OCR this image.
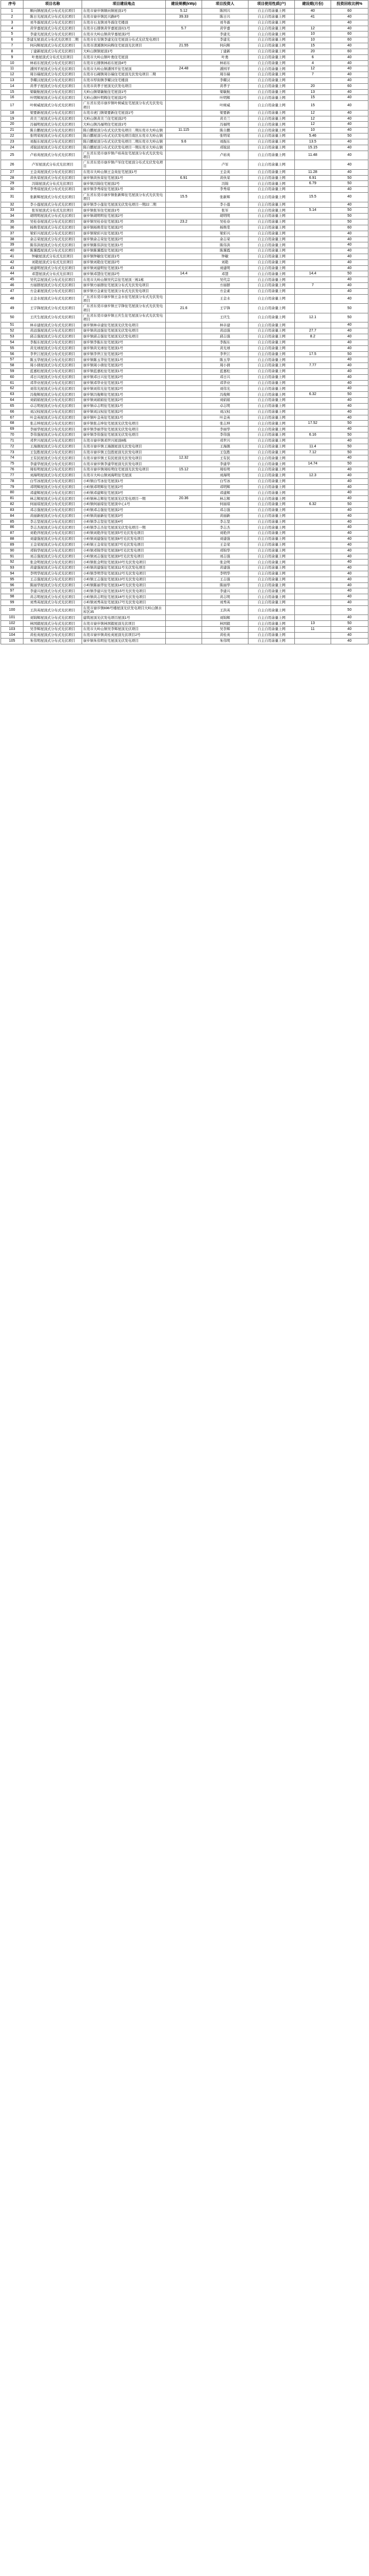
序号	项目名称	项目建设地点	建设规模(kWp)	项目投资人	项目使用性质(户)	建设期(月份)	投资回收比例%
1	顺向镇屋顶式分布式光伏项目	东莞市寮步镇顺向镇屋顶1号	5.12	陈国兴	自主自用余量上网	40	60
2	陈日光屋顶式分布式光伏项目	东莞市寮步镇民兴路8号	39.33	陈日兴	自主自用余量上网	41	40
3	刘冬霖屋顶式分布式光伏项目	东莞市石龙镇刘冬霖住宅楼顶		刘冬霖	自主自用余量上网		40
4	黄学嘉屋顶式分布式光伏项目	东莞市石排镇黄学嘉屋顶村1号	5.7	黄学嘉	自主自用余量上网	12	40
5	李建光屋顶式分布式光伏项目	东莞市大岭山镇黄学嘉屋顶2号		李建光	自主自用余量上网	10	60
6	李建光屋顶式分布式光伏项目二期	东莞市长安镇李建光住宅屋顶分布式光伏发电项目		李建光	自主自用余量上网	10	60
7	何向辉屋顶式分布式光伏项目	东莞市清溪镇何向辉住宅屋顶光伏项目	21.55	何向辉	自主自用余量上网	15	40
8	丁建新屋顶式分布式光伏项目	大岭山镇镇屋顶1号		丁建新	自主自用余量上网	20	60
9	叶勇屋顶式分布式光伏项目	东莞市大岭山镇叶勇住宅屋顶		叶勇	自主自用余量上网	6	40
10	林裕东屋顶式分布式光伏项目	东莞市石排镇林裕东屋顶4号		林裕东	自主自用余量上网	4	40
11	潘国平屋顶式分布式光伏项目	东莞市大岭山镇潘国平住宅屋顶	24.48	潘国平	自主自用余量上网	12	40
12	周谷瑞屋顶式分布式光伏项目	东莞市石碣镇周谷瑞住宅屋顶光伏发电项目二期		周谷瑞	自主自用余量上网	7	40
13	李耀汉屋顶式分布式光伏项目	东莞市厚街镇李耀汉住宅楼顶		李耀汉	自主自用余量上网		40
14	黄孝子屋顶式分布式光伏项目	东莞市黄孝子屋顶光伏发电项目		黄孝子	自主自用余量上网	20	60
15	梁敏航屋顶式分布式光伏项目	大岭山镇梁敏航住宅屋顶1号		梁敏航	自主自用余量上网	13	40
16	叶明辉屋顶式分布式光伏项目	大岭山镇叶明辉住宅屋顶2号		叶明辉	自主自用余量上网	15	40
17	叶树威屋顶式分布式光伏项目	广东省东莞市寮步镇叶树威住宅屋顶分布式光伏发电项目		叶树威	自主自用余量上网	15	40
18	梁要新屋顶式分布式光伏项目	东莞市虎门镇梁要新住宅屋顶1号		梁要新	自主自用余量上网	12	40
19	黄美兰屋顶式分布式光伏项目	大岭山镇黄美兰住宅屋顶2号		黄美兰	自主自用余量上网	12	40
20	冯福明屋顶式分布式光伏项目	大岭山镇冯福明住宅屋顶1号		冯福明	自主自用余量上网	12	40
21	陈自鹏屋顶式分布式光伏项目	陈自鹏屋顶分布式光伏发电项目二期东莞市大岭山镇	11.115	陈自鹏	自主自用余量上网	10	40
22	张明荣屋顶式分布式光伏项目	陈自鹏屋顶分布式光伏发电项目南区东莞市大岭山镇		张明荣	自主自用余量上网	5.46	50
23	刘振东屋顶式分布式光伏项目	陈自鹏屋顶分布式光伏发电项目二期东莞市大岭山镇	9.6	刘振东	自主自用余量上网	13.5	40
24	邓锐波屋顶式分布式光伏项目	陈自鹏屋顶分布式光伏发电项目一期东莞市大岭山镇		邓锐波	自主自用余量上网	15.15	40
25	卢裕英屋顶式分布式光伏项目	广东省东莞市寮步镇卢裕英住宅屋顶分布式光伏发电项目		卢裕英	自主自用余量上网	11.48	40
26	卢军屋顶式分布式光伏项目	广东省东莞市寮步镇卢军住宅屋顶分布式光伏发电项目		卢军	自主自用余量上网		40
27	王金英屋顶式分布式光伏项目	东莞市大岭山镇王金英住宅屋顶1号		王金英	自主自用余量上网	11.28	40
28	黄伙荣屋顶式分布式光伏项目	寮步镇黄伙荣住宅屋顶1号	6.91	黄伙荣	自主自用余量上网	6.91	50
29	冯锦屋顶式分布式光伏项目	寮步镇冯锦住宅屋顶2号		冯锦	自主自用余量上网	6.79	50
30	李秀琼屋顶式分布式光伏项目	寮步镇李秀琼住宅屋顶1号		李秀琼	自主自用余量上网		40
31	张新辉屋顶式分布式光伏项目	广东省东莞市寮步镇张新辉住宅屋顶分布式光伏发电项目	15.5	张新辉	自主自用余量上网	15.5	40
32	李小莲屋顶式分布式光伏项目	寮步镇李小莲住宅屋顶光伏发电项目一期22二期		李小莲	自主自用余量上网		40
33	张军屋顶式分布式光伏项目	寮步镇张军住宅屋顶1号		张军	自主自用余量上网	5.14	50
34	胡明明屋顶式分布式光伏项目	寮步镇胡明明住宅屋顶2号		胡明明	自主自用余量上网		50
35	吴桂春屋顶式分布式光伏项目	寮步镇吴桂春住宅屋顶1号	23.2	吴桂春	自主自用余量上网		50
36	杨焕棠屋顶式分布式光伏项目	寮步镇杨焕棠住宅屋顶2号		杨焕棠	自主自用余量上网		60
37	梁彩兴屋顶式分布式光伏项目	寮步镇梁彩兴住宅屋顶1号		梁彩兴	自主自用余量上网		40
38	余志荣屋顶式分布式光伏项目	寮步镇余志荣住宅屋顶2号		余志荣	自主自用余量上网		40
39	陈伟洪屋顶式分布式光伏项目	寮步镇陈伟洪住宅屋顶1号		陈伟洪	自主自用余量上网		40
40	陈霭霞屋顶式分布式光伏项目	寮步镇陈霭霞住宅屋顶2号		陈霭霞	自主自用余量上网		40
41	钟敏屋顶式分布式光伏项目	寮步镇钟敏住宅屋顶1号		钟敏	自主自用余量上网		40
42	刘艳屋顶式分布式光伏项目	寮步镇刘艳住宅屋顶2号		刘艳	自主自用余量上网		40
43	刘建明屋顶式分布式光伏项目	寮步镇刘建明住宅屋顶1号		刘建明	自主自用余量上网		40
44	邓慧屋顶式分布式光伏项目	寮步镇邓慧住宅屋顶2号	14.4	邓慧	自主自用余量上网	14.4	50
45	吴代宗屋顶式分布式光伏项目	东莞市大岭山镇吴代宗住宅屋顶三栋1栋		吴代宗	自主自用余量上网		40
46	方丽群屋顶式分布式光伏项目	寮步镇方丽群住宅屋顶分布式光伏发电项目		方丽群	自主自用余量上网	7	40
47	方金素屋顶式分布式光伏项目	寮步镇方金素住宅屋顶分布式光伏发电项目		方金素	自主自用余量上网		40
48	王金水屋顶式分布式光伏项目	广东省东莞市寮步镇王金水住宅屋顶分布式光伏发电项目		王金水	自主自用余量上网		40
49	王宇锋屋顶式分布式光伏项目	广东省东莞市寮步镇王宇锋住宅屋顶分布式光伏发电项目	21.6	王宇锋	自主自用余量上网		50
50	王庆生屋顶式分布式光伏项目	广东省东莞市寮步镇王庆生住宅屋顶分布式光伏发电项目		王庆生	自主自用余量上网	12.1	50
51	林卓建屋顶式分布式光伏项目	寮步镇林卓建住宅屋顶光伏发电项目		林卓建	自主自用余量上网		40
52	黄远强屋顶式分布式光伏项目	寮步镇黄远强住宅屋顶光伏发电项目		黄远强	自主自用余量上网	27.7	40
53	邱志强屋顶式分布式光伏项目	寮步镇邱志强住宅屋顶光伏发电项目		邱志强	自主自用余量上网	8.2	40
54	李振东屋顶式分布式光伏项目	寮步镇李振东住宅屋顶2号		李振东	自主自用余量上网		40
55	黄光球屋顶式分布式光伏项目	寮步镇黄光球住宅屋顶1号		黄光球	自主自用余量上网		40
56	李世江屋顶式分布式光伏项目	寮步镇李世江住宅屋顶2号		李世江	自主自用余量上网	17.5	50
57	陈玉华屋顶式分布式光伏项目	寮步镇陈玉华住宅屋顶1号		陈玉华	自主自用余量上网		40
58	周小倩屋顶式分布式光伏项目	寮步镇周小倩住宅屋顶2号		周小倩	自主自用余量上网	7.77	40
59	蓝嘉松屋顶式分布式光伏项目	寮步镇蓝嘉松住宅屋顶1号		蓝嘉松	自主自用余量上网		40
60	邓日兴屋顶式分布式光伏项目	寮步镇邓日兴住宅屋顶2号		邓日兴	自主自用余量上网		40
61	邓华业屋顶式分布式光伏项目	寮步镇邓华业住宅屋顶1号		邓华业	自主自用余量上网		40
62	刘伟光屋顶式分布式光伏项目	寮步镇刘伟光住宅屋顶2号		刘伟光	自主自用余量上网		40
63	冯俊辉屋顶式分布式光伏项目	寮步镇冯俊辉住宅屋顶1号		冯俊辉	自主自用余量上网	6.32	50
64	刘娟娟屋顶式分布式光伏项目	寮步镇刘娟娟住宅屋顶2号		刘娟娟	自主自用余量上网		40
65	卓志明屋顶式分布式光伏项目	寮步镇卓志明住宅屋顶1号		卓志明	自主自用余量上网		40
66	刘汉权屋顶式分布式光伏项目	寮步镇刘汉权住宅屋顶2号		刘汉权	自主自用余量上网		40
67	叶金英屋顶式分布式光伏项目	寮步镇叶金英住宅屋顶1号		叶金英	自主自用余量上网		40
68	张志坤屋顶式分布式光伏项目	寮步镇张志坤住宅屋顶光伏发电项目		张志坤	自主自用余量上网	17.52	50
69	李丽华屋顶式分布式光伏项目	寮步镇李丽华住宅屋顶光伏发电项目		李丽华	自主自用余量上网		40
70	李伟强屋顶式分布式光伏项目	寮步镇李伟强住宅屋顶光伏发电项目		李伟强	自主自用余量上网	6.16	50
71	邓世兴屋顶式分布式光伏项目	东莞市寮步镇邓世兴屋顶8栋		邓世兴	自主自用余量上网		40
72	王海颜屋顶式分布式光伏项目	东莞市寮步镇王海颜屋顶光伏发电项目		王海颜	自主自用余量上网	11.4	50
73	王包胜屋顶式分布式光伏项目	东莞市寮步镇王包胜屋顶光伏发电项目		王包胜	自主自用余量上网	7.12	50
74	王有民屋顶式分布式光伏项目	东莞市寮步镇王有民屋顶光伏发电项目	12.32	王有民	自主自用余量上网		40
75	李建华屋顶式分布式光伏项目	东莞市寮步镇李建华屋顶光伏发电项目		李建华	自主自用余量上网	14.74	50
76	周桂明屋顶式分布式光伏项目	东莞市寮步镇周桂明住宅屋顶光伏发电项目	15.12	周桂明	自主自用余量上网		40
77	刘海明屋顶式分布式光伏项目	东莞市大岭山镇刘海明住宅屋顶		刘海明	自主自用余量上网	12.3	40
78	白雪冰屋顶式分布式光伏项目	小岭镇白雪冰住宅屋顶1号		白雪冰	自主自用余量上网		40
79	邓明辉屋顶式分布式光伏项目	小岭镇邓明辉住宅屋顶2号		邓明辉	自主自用余量上网		40
80	邓建辉屋顶式分布式光伏项目	小岭镇邓建辉住宅屋顶3号		邓建辉	自主自用余量上网		40
81	林志辉屋顶式分布式光伏项目	小岭镇林志辉住宅屋顶光伏发电项目一期	20.36	林志辉	自主自用余量上网		40
82	何丽琼屋顶式分布式光伏项目	小岭镇何丽琼住宅屋顶中心1号		何丽琼	自主自用余量上网	6.32	50
83	邓志强屋顶式分布式光伏项目	小岭镇邓志强住宅屋顶2号		邓志强	自主自用余量上网		40
84	黄丽新屋顶式分布式光伏项目	小岭镇黄丽新住宅屋顶3号		黄丽新	自主自用余量上网		40
85	李志坚屋顶式分布式光伏项目	小岭镇李志坚住宅屋顶4号		李志坚	自主自用余量上网		40
86	李志杰屋顶式分布式光伏项目	小岭镇李志杰住宅屋顶光伏发电项目一期		李志杰	自主自用余量上网		40
87	刘艳萍屋顶式分布式光伏项目	小岭镇刘艳萍住宅屋顶5号光伏发电项目		刘艳萍	自主自用余量上网		40
88	刘建强屋顶式分布式光伏项目	小岭镇刘建强住宅屋顶6号光伏发电项目		刘建强	自主自用余量上网		40
89	王金荣屋顶式分布式光伏项目	小岭镇王金荣住宅屋顶7号光伏发电项目		王金荣	自主自用余量上网		40
90	邓锦华屋顶式分布式光伏项目	小岭镇邓锦华住宅屋顶8号光伏发电项目		邓锦华	自主自用余量上网		40
91	刘志强屋顶式分布式光伏项目	小岭镇刘志强住宅屋顶9号光伏发电项目		刘志强	自主自用余量上网		40
92	张金明屋顶式分布式光伏项目	小岭镇张金明住宅屋顶10号光伏发电项目		张金明	自主自用余量上网		40
93	黄建强屋顶式分布式光伏项目	小岭镇黄建强住宅屋顶11号光伏发电项目		黄建强	自主自用余量上网		40
94	李明华屋顶式分布式光伏项目	小岭镇李明华住宅屋顶12号光伏发电项目		李明华	自主自用余量上网		40
95	王志强屋顶式分布式光伏项目	小岭镇王志强住宅屋顶13号光伏发电项目		王志强	自主自用余量上网		40
96	陈丽华屋顶式分布式光伏项目	小岭镇陈丽华住宅屋顶14号光伏发电项目		陈丽华	自主自用余量上网		40
97	李建兴屋顶式分布式光伏项目	小岭镇李建兴住宅屋顶15号光伏发电项目		李建兴	自主自用余量上网		40
98	黄志明屋顶式分布式光伏项目	小岭镇黄志明住宅屋顶16号光伏发电项目		黄志明	自主自用余量上网		40
99	刘秀英屋顶式分布式光伏项目	小岭镇刘秀英住宅屋顶17号光伏发电项目		刘秀英	自主自用余量上网		40
100	王洪英屋顶式分布式光伏项目	东莞市寮步镇696号楼屋顶光伏发电项目大岭山镇水库区35		王洪英	自主自用余量上网		50
101	刘锦辉屋顶式分布式光伏项目	建筑屋顶光伏发电项目屋顶1号		刘锦辉	自主自用余量上网		40
102	林国毅屋顶式分布式光伏项目	东莞市寮步镇林国毅屋顶光伏项目		林国毅	自主自用余量上网	13	50
103	吴李辉屋顶式分布式光伏项目	东莞市大岭山镇吴李辉屋顶光伏项目		吴李辉	自主自用余量上网	11	40
104	黄桂英屋顶式分布式光伏项目	东莞市寮步镇黄桂英屋顶光伏项目2号		黄桂英	自主自用余量上网		40
105	朱伟明屋顶式分布式光伏项目	寮步镇朱伟明住宅屋顶光伏发电项目		朱伟明	自主自用余量上网		40
